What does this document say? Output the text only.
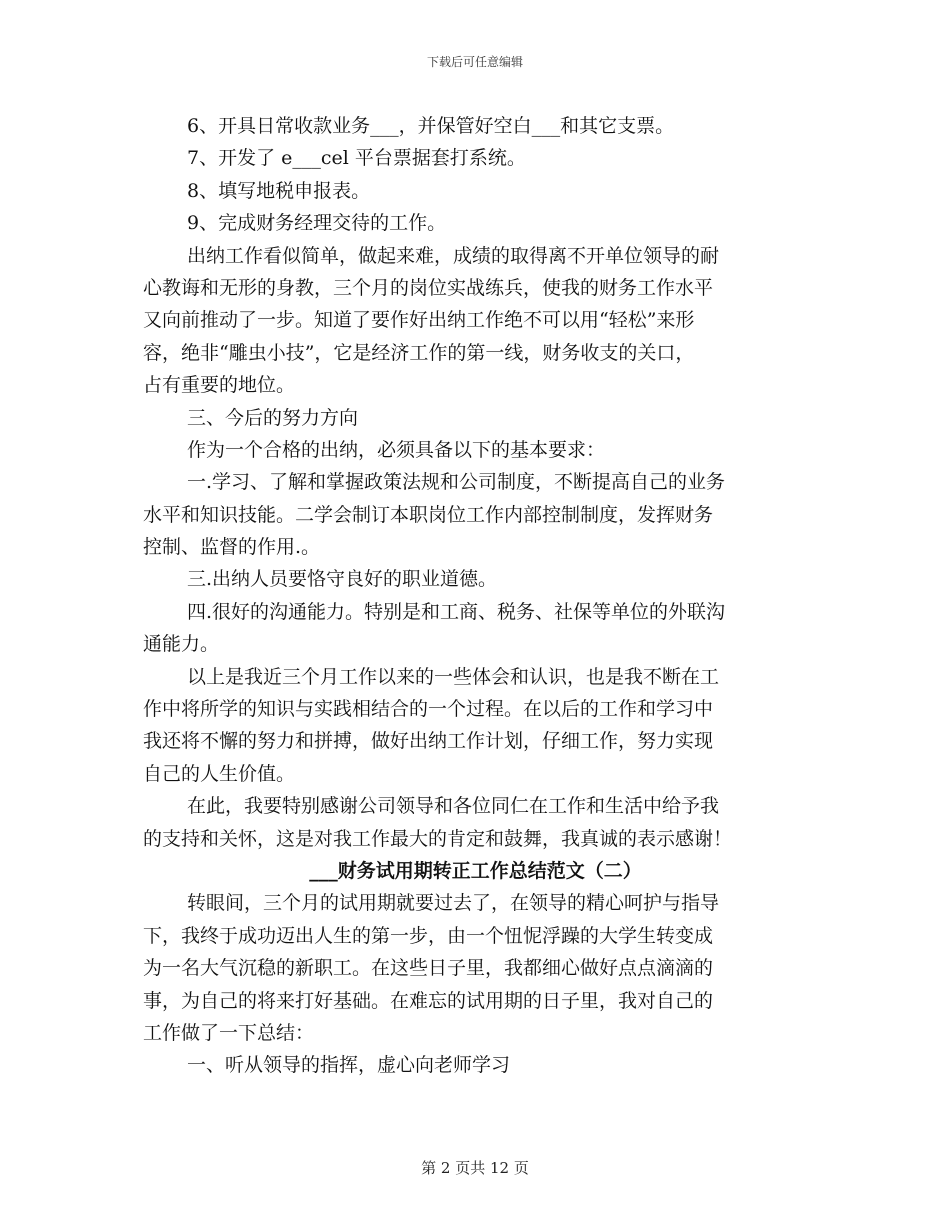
下载后可任意编辑
6、开具日常收款业务___，并保管好空白___和其它支票。
7、开发了 e___cel 平台票据套打系统。
8、填写地税申报表。
9、完成财务经理交待的工作。
出纳工作看似简单，做起来难，成绩的取得离不开单位领导的耐
心教诲和无形的身教，三个月的岗位实战练兵，使我的财务工作水平
又向前推动了一步。知道了要作好出纳工作绝不可以用“轻松”来形
容，绝非“雕虫小技”，它是经济工作的第一线，财务收支的关口，
占有重要的地位。
三、今后的努力方向
作为一个合格的出纳，必须具备以下的基本要求：
一.学习、了解和掌握政策法规和公司制度，不断提高自己的业务
水平和知识技能。二学会制订本职岗位工作内部控制制度，发挥财务
控制、监督的作用.。
三.出纳人员要恪守良好的职业道德。
四.很好的沟通能力。特别是和工商、税务、社保等单位的外联沟
通能力。
以上是我近三个月工作以来的一些体会和认识，也是我不断在工
作中将所学的知识与实践相结合的一个过程。在以后的工作和学习中
我还将不懈的努力和拼搏，做好出纳工作计划，仔细工作，努力实现
自己的人生价值。
在此，我要特别感谢公司领导和各位同仁在工作和生活中给予我
的支持和关怀，这是对我工作最大的肯定和鼓舞，我真诚的表示感谢！
___财务试用期转正工作总结范文（二）
转眼间，三个月的试用期就要过去了，在领导的精心呵护与指导
下，我终于成功迈出人生的第一步，由一个忸怩浮躁的大学生转变成
为一名大气沉稳的新职工。在这些日子里，我都细心做好点点滴滴的
事，为自己的将来打好基础。在难忘的试用期的日子里，我对自己的
工作做了一下总结：
一、听从领导的指挥，虚心向老师学习
第 2 页共 12 页
